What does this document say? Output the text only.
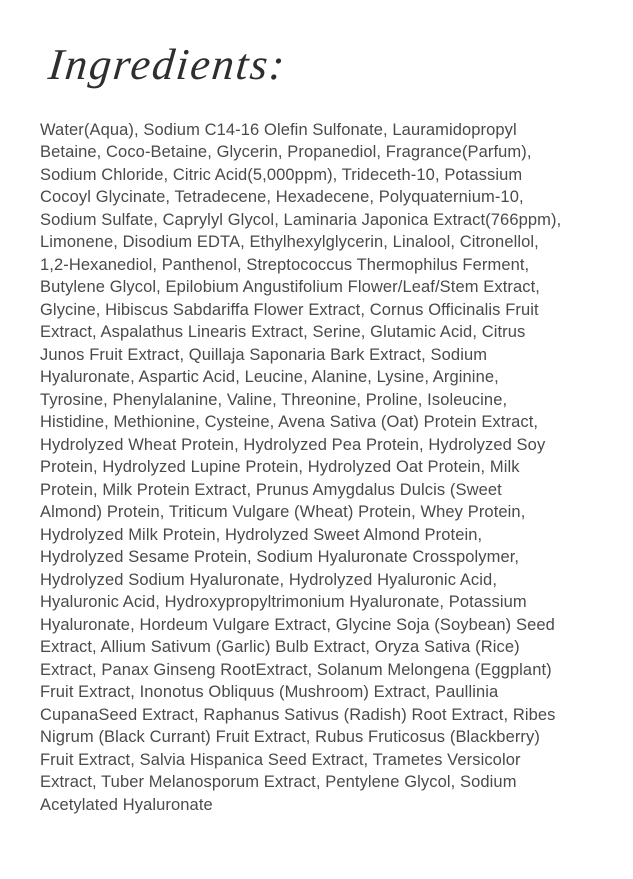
Ingredients:
Water(Aqua), Sodium C14-16 Olefin Sulfonate, Lauramidopropyl
Betaine, Coco-Betaine, Glycerin, Propanediol, Fragrance(Parfum),
Sodium Chloride, Citric Acid(5,000ppm), Trideceth-10, Potassium
Cocoyl Glycinate, Tetradecene, Hexadecene, Polyquaternium-10,
Sodium Sulfate, Caprylyl Glycol, Laminaria Japonica Extract(766ppm),
Limonene, Disodium EDTA, Ethylhexylglycerin, Linalool, Citronellol,
1,2-Hexanediol, Panthenol, Streptococcus Thermophilus Ferment,
Butylene Glycol, Epilobium Angustifolium Flower/Leaf/Stem Extract,
Glycine, Hibiscus Sabdariffa Flower Extract, Cornus Officinalis Fruit
Extract, Aspalathus Linearis Extract, Serine, Glutamic Acid, Citrus
Junos Fruit Extract, Quillaja Saponaria Bark Extract, Sodium
Hyaluronate, Aspartic Acid, Leucine, Alanine, Lysine, Arginine,
Tyrosine, Phenylalanine, Valine, Threonine, Proline, Isoleucine,
Histidine, Methionine, Cysteine, Avena Sativa (Oat) Protein Extract,
Hydrolyzed Wheat Protein, Hydrolyzed Pea Protein, Hydrolyzed Soy
Protein, Hydrolyzed Lupine Protein, Hydrolyzed Oat Protein, Milk
Protein, Milk Protein Extract, Prunus Amygdalus Dulcis (Sweet
Almond) Protein, Triticum Vulgare (Wheat) Protein, Whey Protein,
Hydrolyzed Milk Protein, Hydrolyzed Sweet Almond Protein,
Hydrolyzed Sesame Protein, Sodium Hyaluronate Crosspolymer,
Hydrolyzed Sodium Hyaluronate, Hydrolyzed Hyaluronic Acid,
Hyaluronic Acid, Hydroxypropyltrimonium Hyaluronate, Potassium
Hyaluronate, Hordeum Vulgare Extract, Glycine Soja (Soybean) Seed
Extract, Allium Sativum (Garlic) Bulb Extract, Oryza Sativa (Rice)
Extract, Panax Ginseng RootExtract, Solanum Melongena (Eggplant)
Fruit Extract, Inonotus Obliquus (Mushroom) Extract, Paullinia
CupanaSeed Extract, Raphanus Sativus (Radish) Root Extract, Ribes
Nigrum (Black Currant) Fruit Extract, Rubus Fruticosus (Blackberry)
Fruit Extract, Salvia Hispanica Seed Extract, Trametes Versicolor
Extract, Tuber Melanosporum Extract, Pentylene Glycol, Sodium
Acetylated Hyaluronate
